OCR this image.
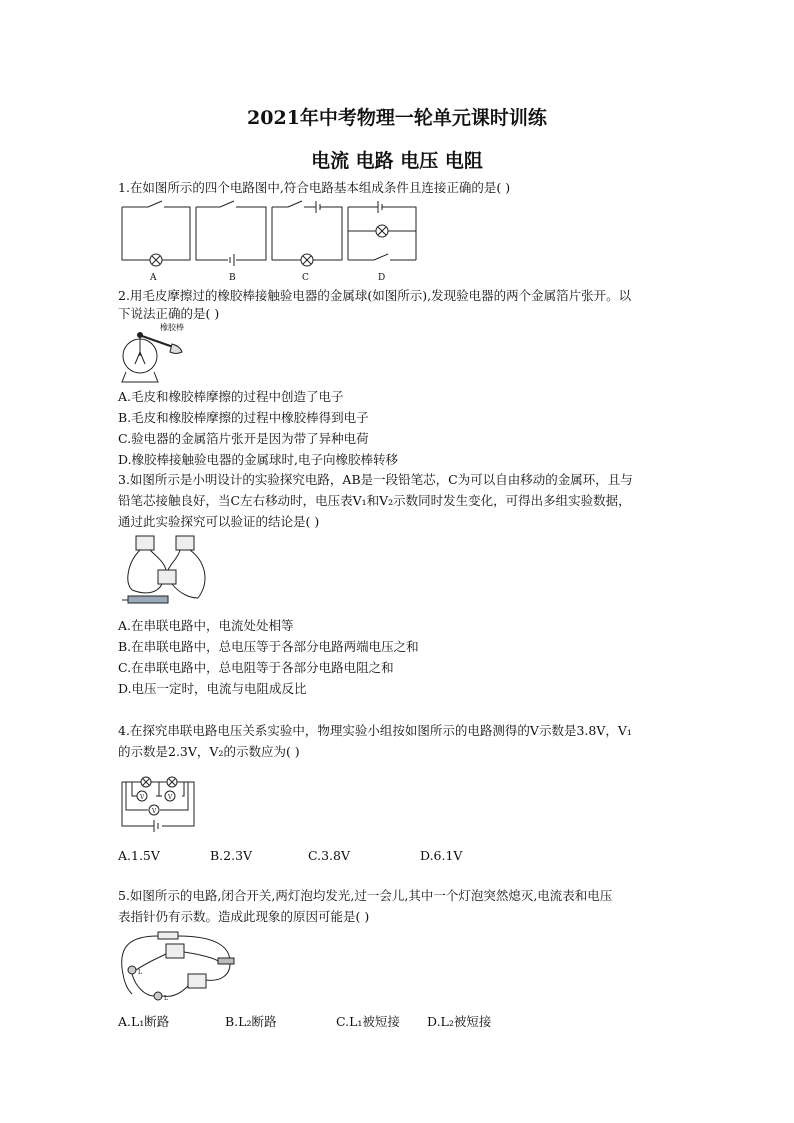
2021年中考物理一轮单元课时训练
电流 电路 电压 电阻
1.在如图所示的四个电路图中,符合电路基本组成条件且连接正确的是( )
A	B	C	D
2.用毛皮摩擦过的橡胶棒接触验电器的金属球(如图所示),发现验电器的两个金属箔片张开。以
下说法正确的是( )
橡胶棒
A.毛皮和橡胶棒摩擦的过程中创造了电子
B.毛皮和橡胶棒摩擦的过程中橡胶棒得到电子
C.验电器的金属箔片张开是因为带了异种电荷
D.橡胶棒接触验电器的金属球时,电子向橡胶棒转移
3.如图所示是小明设计的实验探究电路，AB是一段铅笔芯，C为可以自由移动的金属环，且与
铅笔芯接触良好，当C左右移动时，电压表V₁和V₂示数同时发生变化，可得出多组实验数据，
通过此实验探究可以验证的结论是( )
A.在串联电路中，电流处处相等
B.在串联电路中，总电压等于各部分电路两端电压之和
C.在串联电路中，总电阻等于各部分电路电阻之和
D.电压一定时，电流与电阻成反比
4.在探究串联电路电压关系实验中，物理实验小组按如图所示的电路测得的V示数是3.8V，V₁
的示数是2.3V，V₂的示数应为( )
V	V
V
A.1.5V	B.2.3V	C.3.8V	D.6.1V
5.如图所示的电路,闭合开关,两灯泡均发光,过一会儿,其中一个灯泡突然熄灭,电流表和电压
表指针仍有示数。造成此现象的原因可能是( )
L
L
A.L₁断路	B.L₂断路	C.L₁被短接 D.L₂被短接
